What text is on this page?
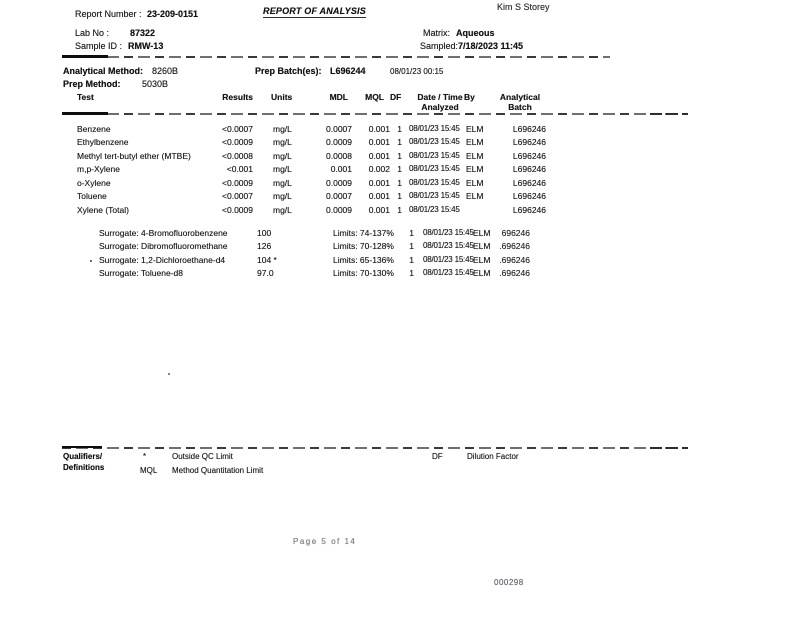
Report Number : 23-209-0151	REPORT OF ANALYSIS	Kim S Storey
Lab No : 87322
Sample ID : RMW-13
Matrix: Aqueous
Sampled: 7/18/2023 11:45
Analytical Method: 8260B	Prep Batch(es): L696244	08/01/23 00:15
Prep Method: 5030B
Test	Results Units	MDL	MQL DF	Date / Time
Analyzed
By	Analytical
Batch
Benzene	<0.0007 mg/L	0.0007	0.001 1 08/01/23 15:45 ELM	L696246
Ethylbenzene	<0.0009 mg/L	0.0009	0.001 1 08/01/23 15:45 ELM	L696246
Methyl tert-butyl ether (MTBE)	<0.0008 mg/L	0.0008	0.001 1 08/01/23 15:45 ELM	L696246
m,p-Xylene	<0.001 mg/L	0.001	0.002 1 08/01/23 15:45 ELM	L696246
o-Xylene	<0.0009 mg/L	0.0009	0.001 1 08/01/23 15:45 ELM	L696246
Toluene	<0.0007 mg/L	0.0007	0.001 1 08/01/23 15:45 ELM	L696246
Xylene (Total)	<0.0009 mg/L	0.0009	0.001 1 08/01/23 15:45	L696246
Surrogate: 4-Bromofluorobenzene	100	Limits: 74-137%	1 08/01/23 15:45 ELM	696246
Surrogate: Dibromofluoromethane	126	Limits: 70-128%	1 08/01/23 15:45 ELM	.696246
Surrogate: 1,2-Dichloroethane-d4	104 *	Limits: 65-136%	1 08/01/23 15:45 ELM	.696246
Surrogate: Toluene-d8	97.0	Limits: 70-130%	1 08/01/23 15:45 ELM	.696246
Qualifiers/
Definitions
*	Outside QC Limit
MQL Method Quantitation Limit
DF	Dilution Factor
Page 5 of 14
000298
